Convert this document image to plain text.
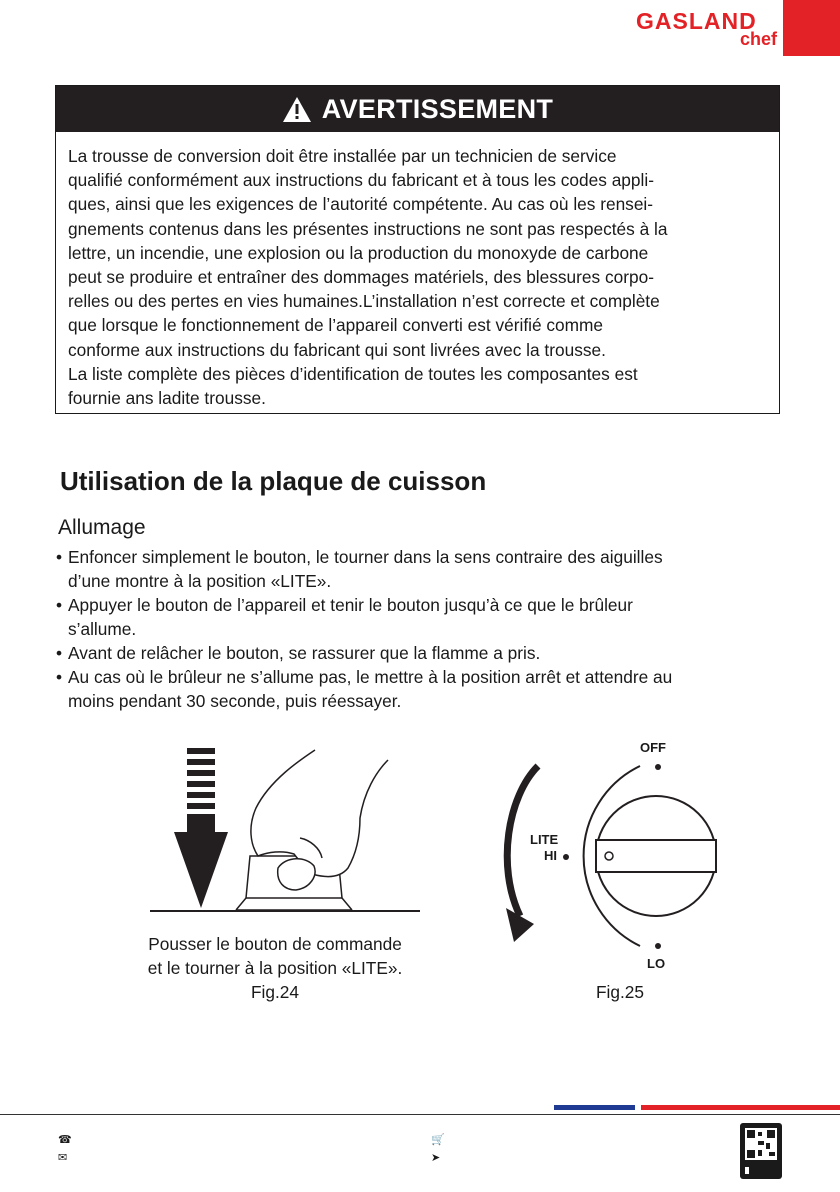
GASLAND
chef
AVERTISSEMENT

La trousse de conversion doit être installée par un technicien de service

qualifié conformément aux instructions du fabricant et à tous les codes appli-

ques, ainsi que les exigences de l’autorité compétente. Au cas où les rensei-

gnements contenus dans les présentes instructions ne sont pas respectés à la

lettre, un incendie, une explosion ou la production du monoxyde de carbone

peut se produire et entraîner des dommages matériels, des blessures corpo-

relles ou des pertes en vies humaines.L’installation n’est correcte et complète

que lorsque le fonctionnement de l’appareil converti est vérifié comme

conforme aux instructions du fabricant qui sont livrées avec la trousse.

La liste complète des pièces d’identification de toutes les composantes est

fournie ans ladite trousse.

Utilisation de la plaque de cuisson
Allumage
• Enfoncer simplement le bouton, le tourner dans la sens contraire des aiguilles
d’une montre à la position «LITE».
• Appuyer le bouton de l’appareil et tenir le bouton jusqu’à ce que le brûleur
s’allume.
• Avant de relâcher le bouton, se rassurer que la flamme a pris.
• Au cas où le brûleur ne s’allume pas, le mettre à la position arrêt et attendre au
moins pendant 30 seconde, puis réessayer.
Pousser le bouton de commande
et le tourner à la position «LITE».
Fig.24
OFF
LITE
HI
LO
Fig.25
☎
✉
🛒
➤
